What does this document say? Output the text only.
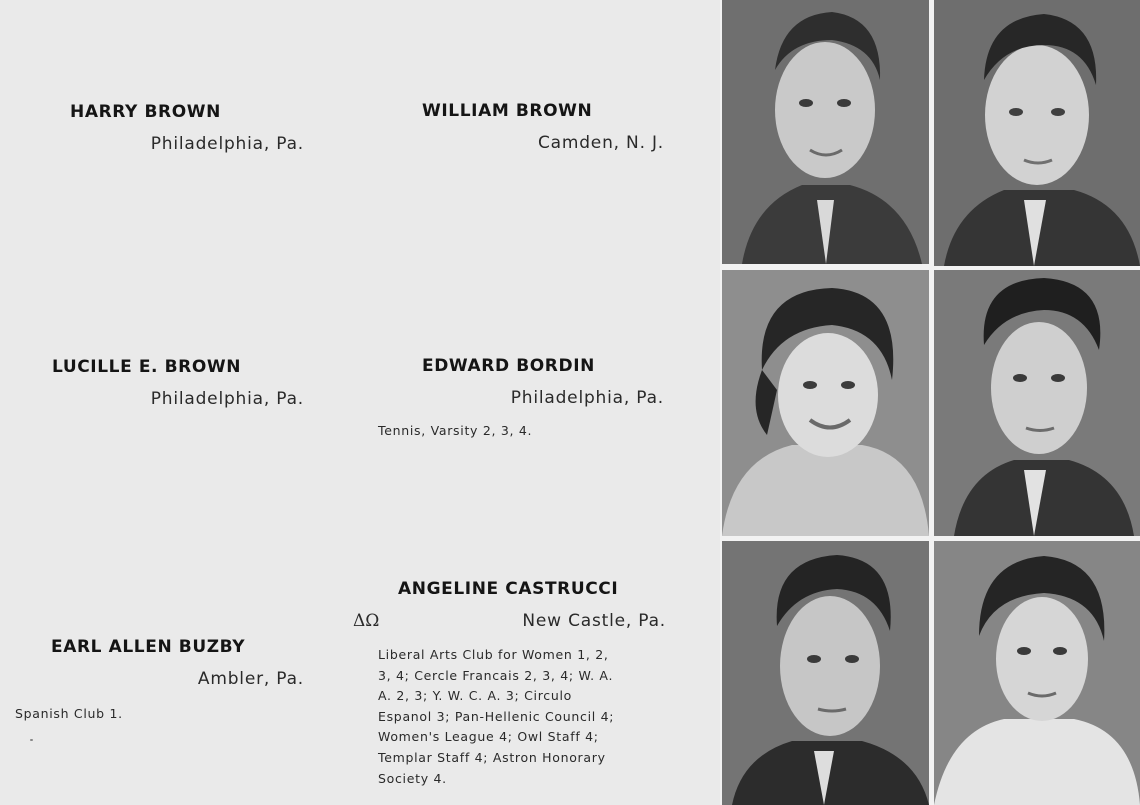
HARRY BROWN
Philadelphia, Pa.
WILLIAM BROWN
Camden, N. J.
LUCILLE E. BROWN
Philadelphia, Pa.
EDWARD BORDIN
Philadelphia, Pa.
Tennis, Varsity 2, 3, 4.
EARL ALLEN BUZBY
Ambler, Pa.
Spanish Club 1.
ANGELINE CASTRUCCI
ΔΩ	New Castle, Pa.
Liberal Arts Club for Women 1, 2,
3, 4; Cercle Francais 2, 3, 4; W. A.
A. 2, 3; Y. W. C. A. 3; Circulo
Espanol 3; Pan-Hellenic Council 4;
Women's League 4; Owl Staff 4;
Templar Staff 4; Astron Honorary
Society 4.
